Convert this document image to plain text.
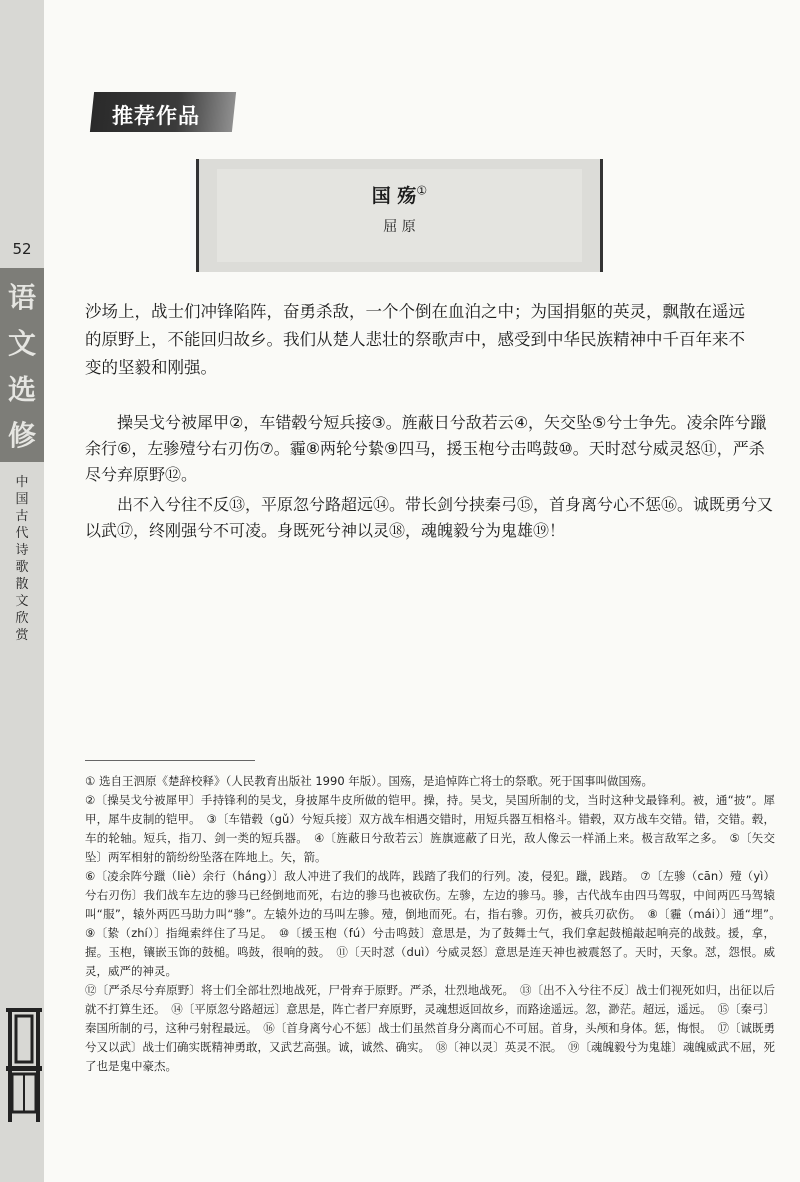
52
语
文
选
修
中
国
古
代
诗
歌
散
文
欣
赏
推荐作品
国 殇①
屈 原
沙场上，战士们冲锋陷阵，奋勇杀敌，一个个倒在血泊之中；为国捐躯的英灵，飘散在遥远的原野上，不能回归故乡。我们从楚人悲壮的祭歌声中，感受到中华民族精神中千百年来不变的坚毅和刚强。

操吴戈兮被犀甲②，车错毂兮短兵接③。旌蔽日兮敌若云④，矢交坠⑤兮士争先。凌余阵兮躐余行⑥，左骖殪兮右刃伤⑦。霾⑧两轮兮絷⑨四马，援玉枹兮击鸣鼓⑩。天时怼兮威灵怒⑪，严杀尽兮弃原野⑫。

出不入兮往不反⑬，平原忽兮路超远⑭。带长剑兮挟秦弓⑮，首身离兮心不惩⑯。诚既勇兮又以武⑰，终刚强兮不可凌。身既死兮神以灵⑱，魂魄毅兮为鬼雄⑲！

① 选自王泗原《楚辞校释》（人民教育出版社 1990 年版）。国殇，是追悼阵亡将士的祭歌。死于国事叫做国殇。

②〔操吴戈兮被犀甲〕手持锋利的吴戈，身披犀牛皮所做的铠甲。操，持。吴戈，吴国所制的戈，当时这种戈最锋利。被，通“披”。犀甲，犀牛皮制的铠甲。　③〔车错毂（gǔ）兮短兵接〕双方战车相遇交错时，用短兵器互相格斗。错毂，双方战车交错。错，交错。毂，车的轮轴。短兵，指刀、剑一类的短兵器。　④〔旌蔽日兮敌若云〕旌旗遮蔽了日光，敌人像云一样涌上来。极言敌军之多。　⑤〔矢交坠〕两军相射的箭纷纷坠落在阵地上。矢，箭。

⑥〔凌余阵兮躐（liè）余行（háng）〕敌人冲进了我们的战阵，践踏了我们的行列。凌，侵犯。躐，践踏。　⑦〔左骖（cān）殪（yì）兮右刃伤〕我们战车左边的骖马已经倒地而死，右边的骖马也被砍伤。左骖，左边的骖马。骖，古代战车由四马驾驭，中间两匹马驾辕叫“服”，辕外两匹马助力叫“骖”。左辕外边的马叫左骖。殪，倒地而死。右，指右骖。刃伤，被兵刃砍伤。　⑧〔霾（mái）〕通“埋”。　⑨〔絷（zhí）〕指绳索绊住了马足。　⑩〔援玉枹（fú）兮击鸣鼓〕意思是，为了鼓舞士气，我们拿起鼓槌敲起响亮的战鼓。援，拿，握。玉枹，镶嵌玉饰的鼓槌。鸣鼓，很响的鼓。　⑪〔天时怼（duì）兮威灵怒〕意思是连天神也被震怒了。天时，天象。怼，怨恨。威灵，威严的神灵。

⑫〔严杀尽兮弃原野〕将士们全部壮烈地战死，尸骨弃于原野。严杀，壮烈地战死。　⑬〔出不入兮往不反〕战士们视死如归，出征以后就不打算生还。　⑭〔平原忽兮路超远〕意思是，阵亡者尸弃原野，灵魂想返回故乡，而路途遥远。忽，渺茫。超远，遥远。　⑮〔秦弓〕秦国所制的弓，这种弓射程最远。　⑯〔首身离兮心不惩〕战士们虽然首身分离而心不可屈。首身，头颅和身体。惩，悔恨。　⑰〔诚既勇兮又以武〕战士们确实既精神勇敢，又武艺高强。诚，诚然、确实。　⑱〔神以灵〕英灵不泯。　⑲〔魂魄毅兮为鬼雄〕魂魄威武不屈，死了也是鬼中豪杰。
